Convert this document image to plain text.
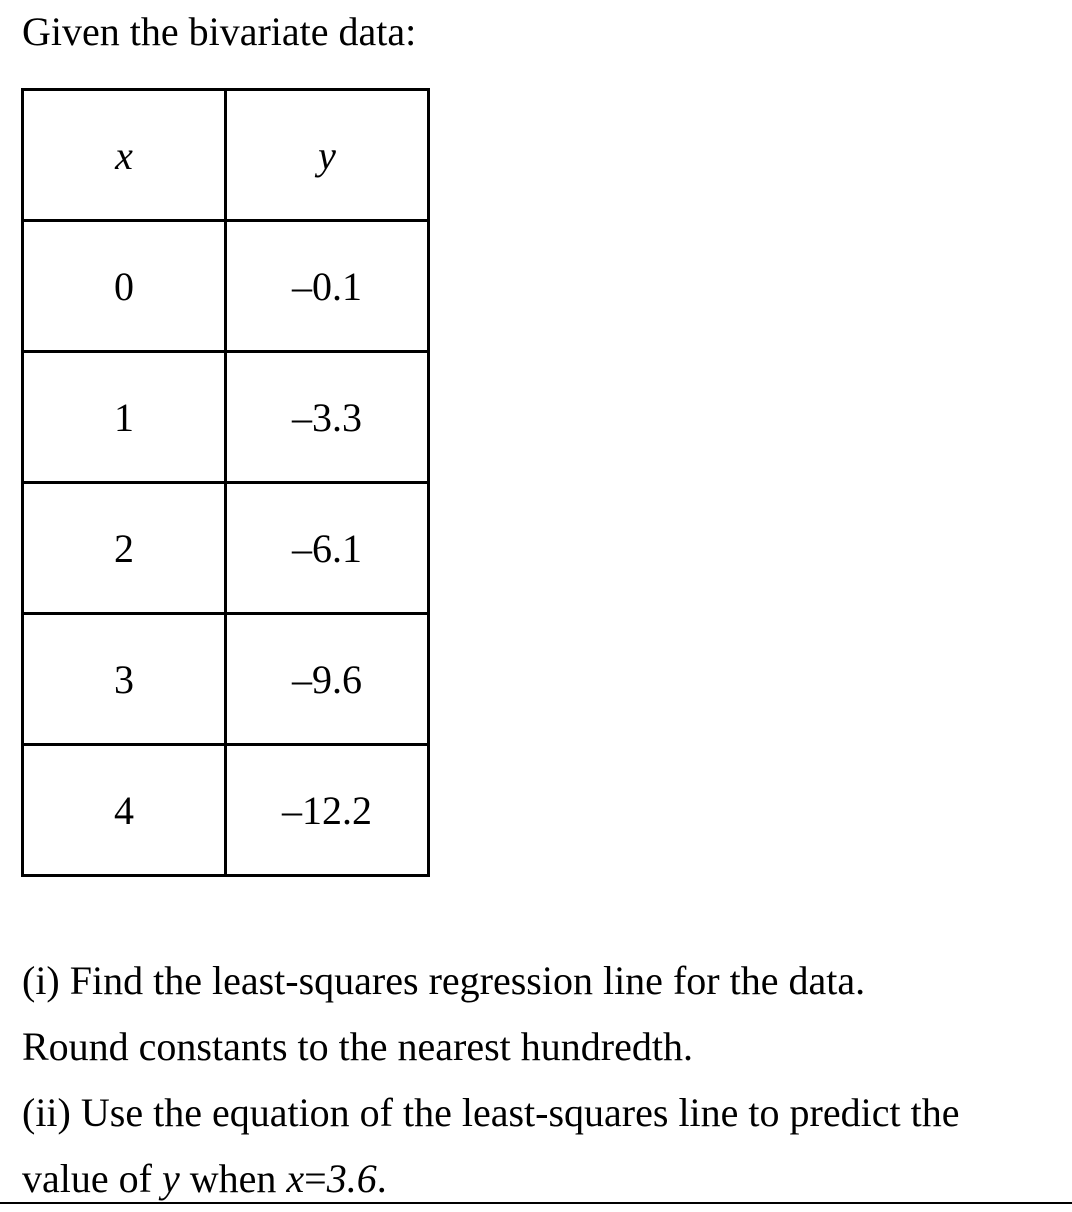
Given the bivariate data:
x	y
0	–0.1
1	–3.3
2	–6.1
3	–9.6
4	–12.2

(i) Find the least-squares regression line for the data.

Round constants to the nearest hundredth.

(ii) Use the equation of the least-squares line to predict the

value of y when x=3.6.
